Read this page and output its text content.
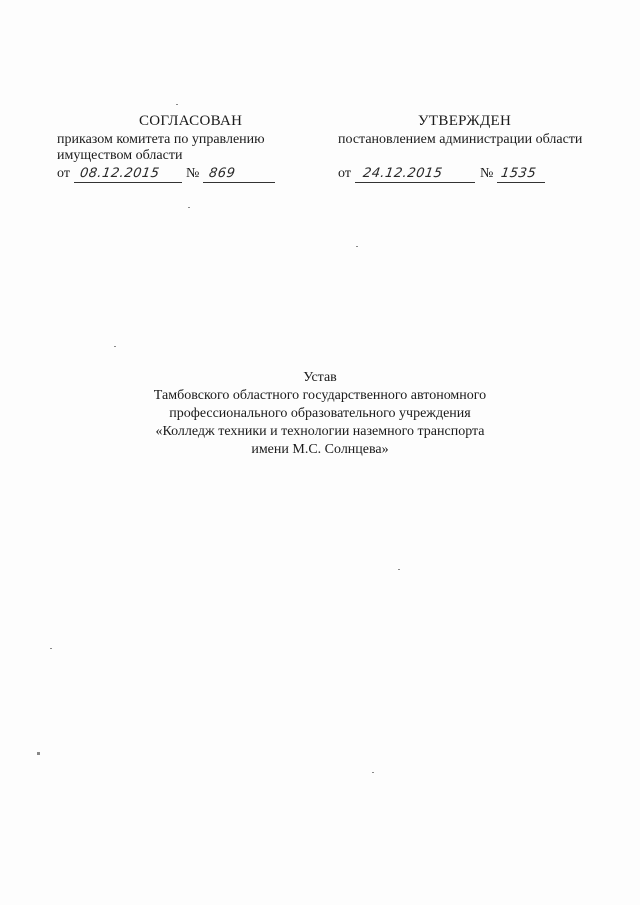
СОГЛАСОВАН
приказом комитета по управлению
имуществом области
от 08.12.2015 № 869
УТВЕРЖДЕН
постановлением администрации области
от 24.12.2015	№ 1535
Устав
Тамбовского областного государственного автономного
профессионального образовательного учреждения
«Колледж техники и технологии наземного транспорта
имени М.С. Солнцева»
